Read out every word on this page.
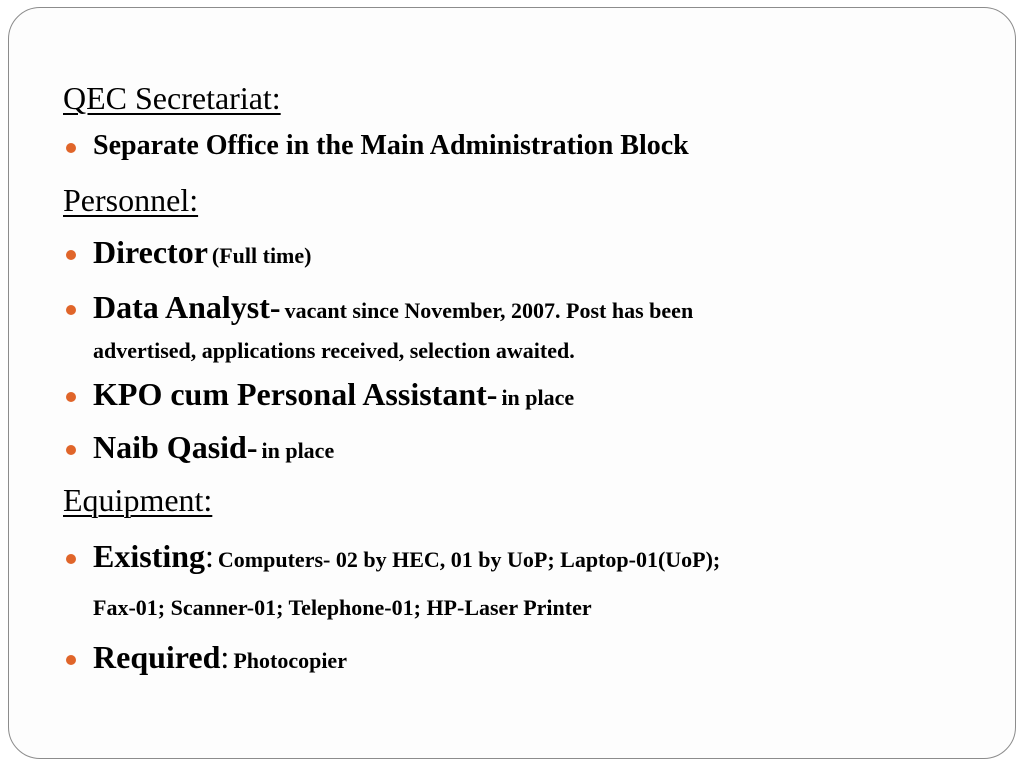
QEC Secretariat:
Separate Office in the Main Administration Block
Personnel:
Director (Full time)
Data Analyst- vacant since November, 2007. Post has been
advertised, applications received, selection awaited.
KPO cum Personal Assistant- in place
Naib Qasid- in place
Equipment:
Existing: Computers- 02 by HEC, 01 by UoP; Laptop-01(UoP);
Fax-01; Scanner-01; Telephone-01; HP-Laser Printer
Required: Photocopier
